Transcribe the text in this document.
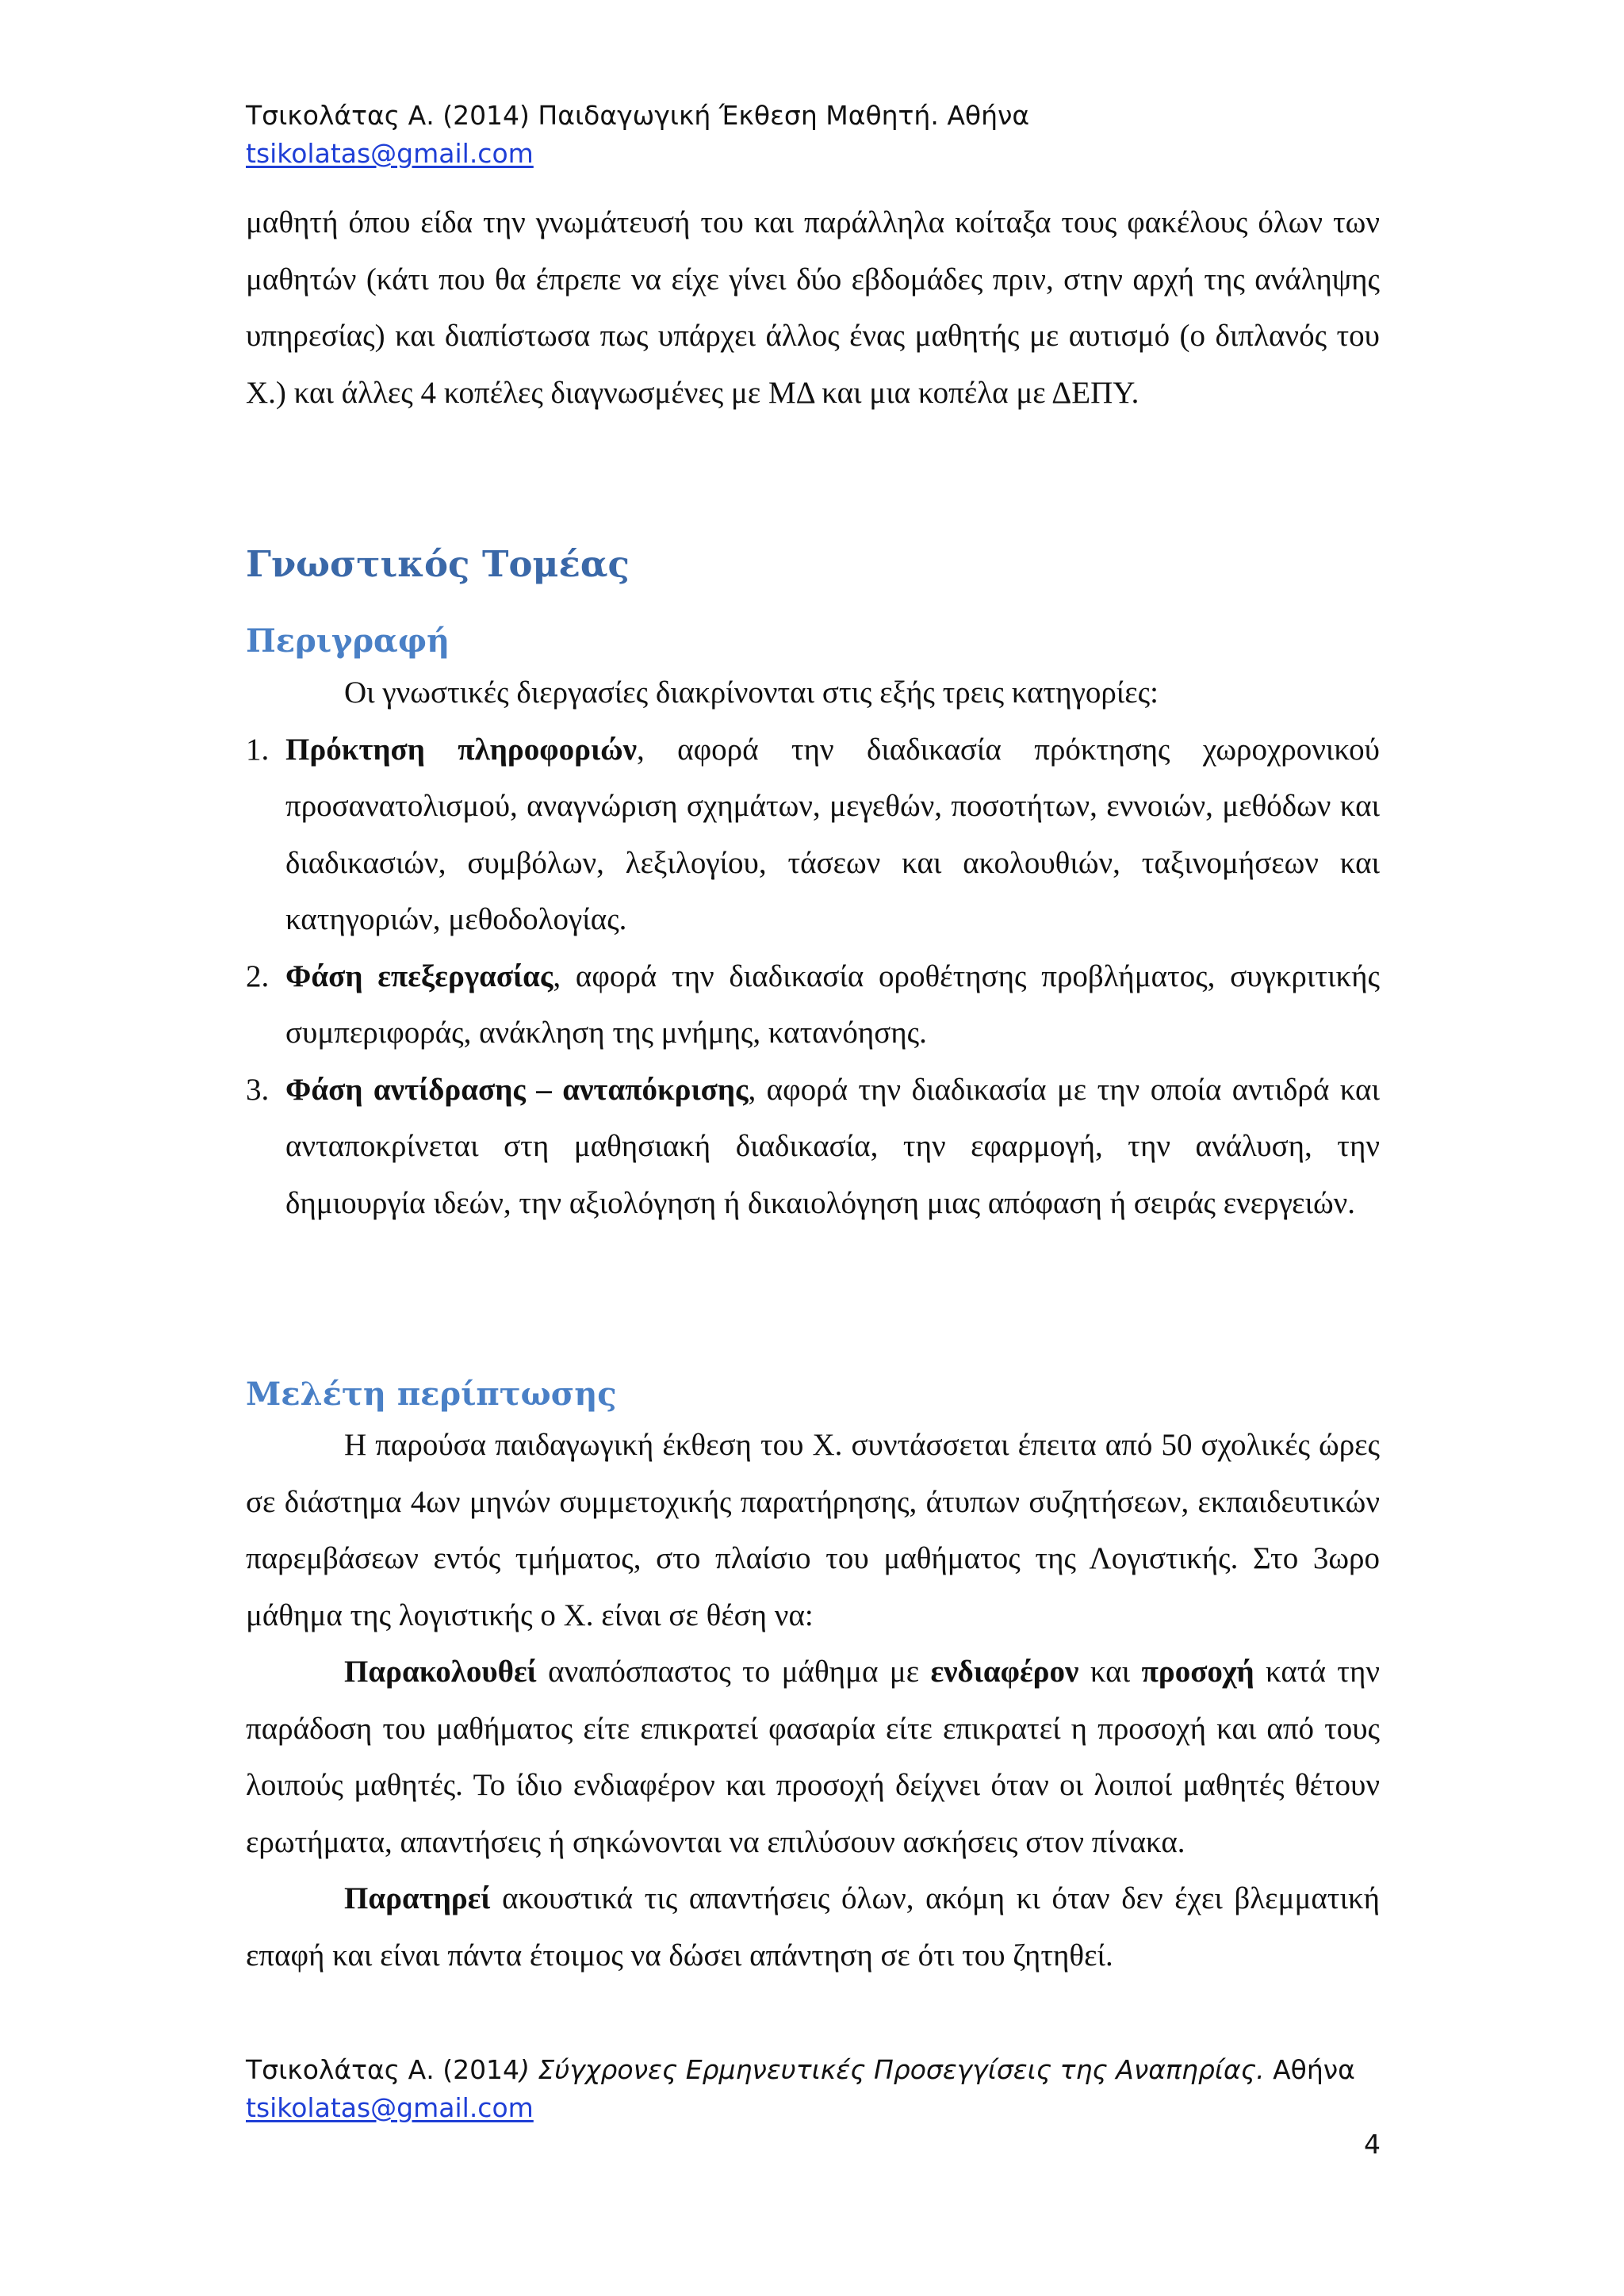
Τσικολάτας Α. (2014) Παιδαγωγική Έκθεση Μαθητή. Αθήνα
tsikolatas@gmail.com

μαθητή όπου είδα την γνωμάτευσή του και παράλληλα κοίταξα τους φακέλους όλων των μαθητών (κάτι που θα έπρεπε να είχε γίνει δύο εβδομάδες πριν, στην αρχή της ανάληψης υπηρεσίας) και διαπίστωσα πως υπάρχει άλλος ένας μαθητής με αυτισμό (ο διπλανός του Χ.) και άλλες 4 κοπέλες διαγνωσμένες με ΜΔ και μια κοπέλα με ΔΕΠΥ.

Γνωστικός Τομέας
Περιγραφή

Οι γνωστικές διεργασίες διακρίνονται στις εξής τρεις κατηγορίες:

1. Πρόκτηση πληροφοριών, αφορά την διαδικασία πρόκτησης χωροχρονικού προσανατολισμού, αναγνώριση σχημάτων, μεγεθών, ποσοτήτων, εννοιών, μεθόδων και διαδικασιών, συμβόλων, λεξιλογίου, τάσεων και ακολουθιών, ταξινομήσεων και κατηγοριών, μεθοδολογίας.
2. Φάση επεξεργασίας, αφορά την διαδικασία οροθέτησης προβλήματος, συγκριτικής συμπεριφοράς, ανάκληση της μνήμης, κατανόησης.
3. Φάση αντίδρασης – ανταπόκρισης, αφορά την διαδικασία με την οποία αντιδρά και ανταποκρίνεται στη μαθησιακή διαδικασία, την εφαρμογή, την ανάλυση, την δημιουργία ιδεών, την αξιολόγηση ή δικαιολόγηση μιας απόφαση ή σειράς ενεργειών.
Μελέτη περίπτωσης

Η παρούσα παιδαγωγική έκθεση του Χ. συντάσσεται έπειτα από 50 σχολικές ώρες σε διάστημα 4ων μηνών συμμετοχικής παρατήρησης, άτυπων συζητήσεων, εκπαιδευτικών παρεμβάσεων εντός τμήματος, στο πλαίσιο του μαθήματος της Λογιστικής. Στο 3ωρο μάθημα της λογιστικής ο Χ. είναι σε θέση να:

Παρακολουθεί αναπόσπαστος το μάθημα με ενδιαφέρον και προσοχή κατά την παράδοση του μαθήματος είτε επικρατεί φασαρία είτε επικρατεί η προσοχή και από τους λοιπούς μαθητές. Το ίδιο ενδιαφέρον και προσοχή δείχνει όταν οι λοιποί μαθητές θέτουν ερωτήματα, απαντήσεις ή σηκώνονται να επιλύσουν ασκήσεις στον πίνακα.

Παρατηρεί ακουστικά τις απαντήσεις όλων, ακόμη κι όταν δεν έχει βλεμματική επαφή και είναι πάντα έτοιμος να δώσει απάντηση σε ότι του ζητηθεί.

Τσικολάτας Α. (2014) Σύγχρονες Ερμηνευτικές Προσεγγίσεις της Αναπηρίας. Αθήνα
tsikolatas@gmail.com
4
